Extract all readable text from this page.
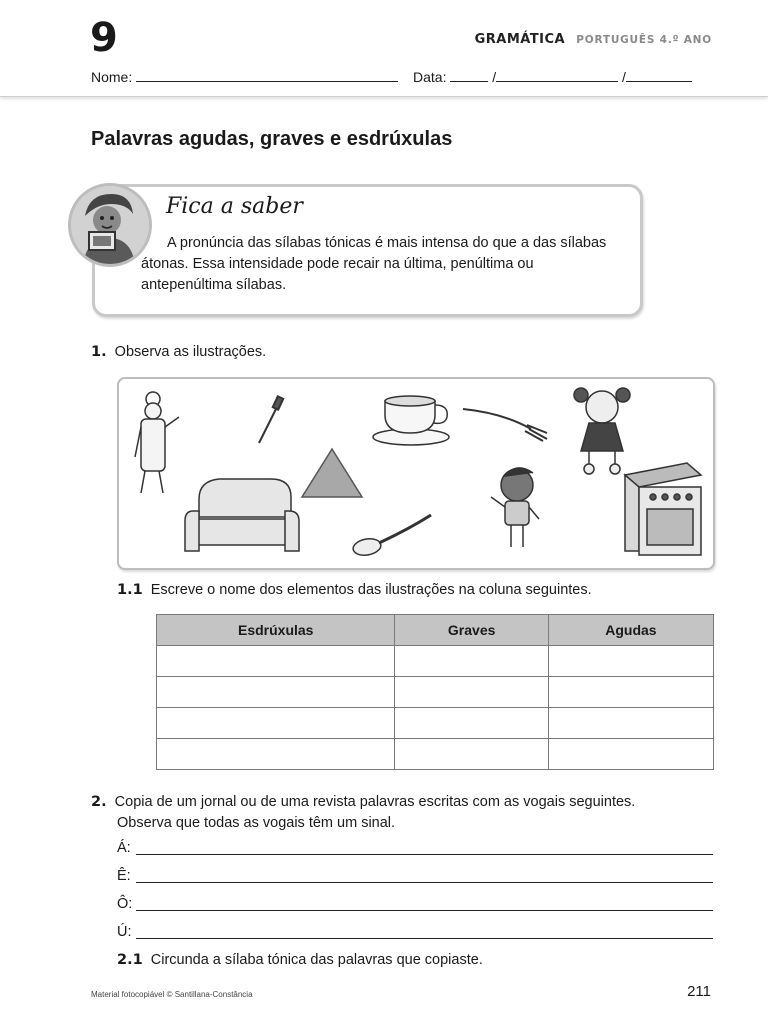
9	GRAMÁTICA PORTUGUÊS 4.º ANO
Nome:	Data:	/	/
Palavras agudas, graves e esdrúxulas
Fica a saber
A pronúncia das sílabas tónicas é mais intensa do que a das sílabas átonas. Essa intensidade pode recair na última, penúltima ou antepenúltima sílabas.
1. Observa as ilustrações.
1.1 Escreve o nome dos elementos das ilustrações na coluna seguintes.
Esdrúxulas	Graves	Agudas

2. Copia de um jornal ou de uma revista palavras escritas com as vogais seguintes.
Observa que todas as vogais têm um sinal.
Á:
Ê:
Ô:
Ú:
2.1 Circunda a sílaba tónica das palavras que copiaste.
Material fotocopiável © Santillana-Constância	211
